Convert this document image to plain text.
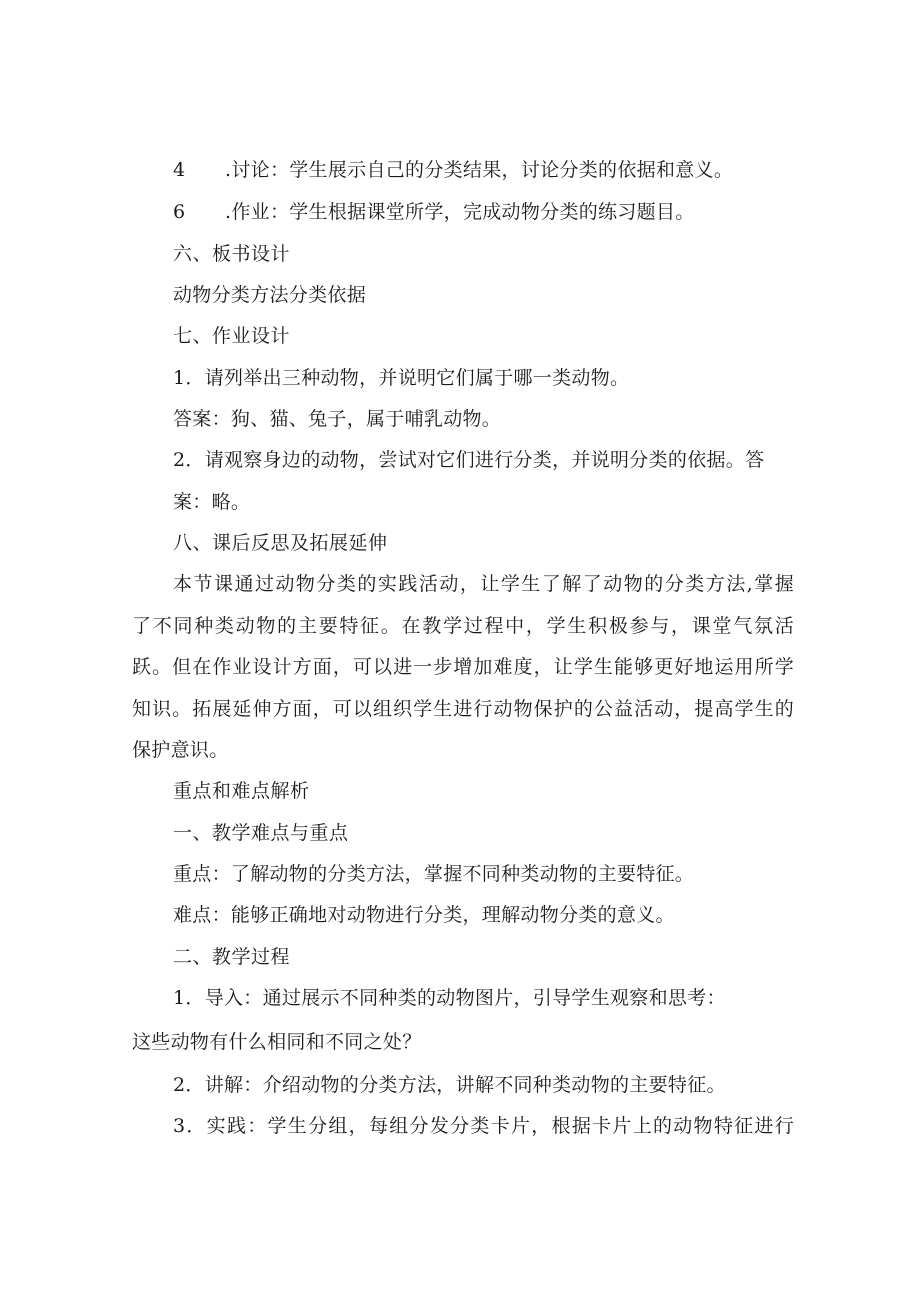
4 .讨论：学生展示自己的分类结果，讨论分类的依据和意义。
6 .作业：学生根据课堂所学，完成动物分类的练习题目。
六、板书设计
动物分类方法分类依据
七、作业设计
1．请列举出三种动物，并说明它们属于哪一类动物。
答案：狗、猫、兔子，属于哺乳动物。
2．请观察身边的动物，尝试对它们进行分类，并说明分类的依据。答
案：略。
八、课后反思及拓展延伸
本节课通过动物分类的实践活动，让学生了解了动物的分类方法,掌握
了不同种类动物的主要特征。在教学过程中，学生积极参与，课堂气氛活
跃。但在作业设计方面，可以进一步增加难度，让学生能够更好地运用所学
知识。拓展延伸方面，可以组织学生进行动物保护的公益活动，提高学生的
保护意识。
重点和难点解析
一、教学难点与重点
重点：了解动物的分类方法，掌握不同种类动物的主要特征。
难点：能够正确地对动物进行分类，理解动物分类的意义。
二、教学过程
1．导入：通过展示不同种类的动物图片，引导学生观察和思考：
这些动物有什么相同和不同之处？
2．讲解：介绍动物的分类方法，讲解不同种类动物的主要特征。
3．实践：学生分组，每组分发分类卡片，根据卡片上的动物特征进行
